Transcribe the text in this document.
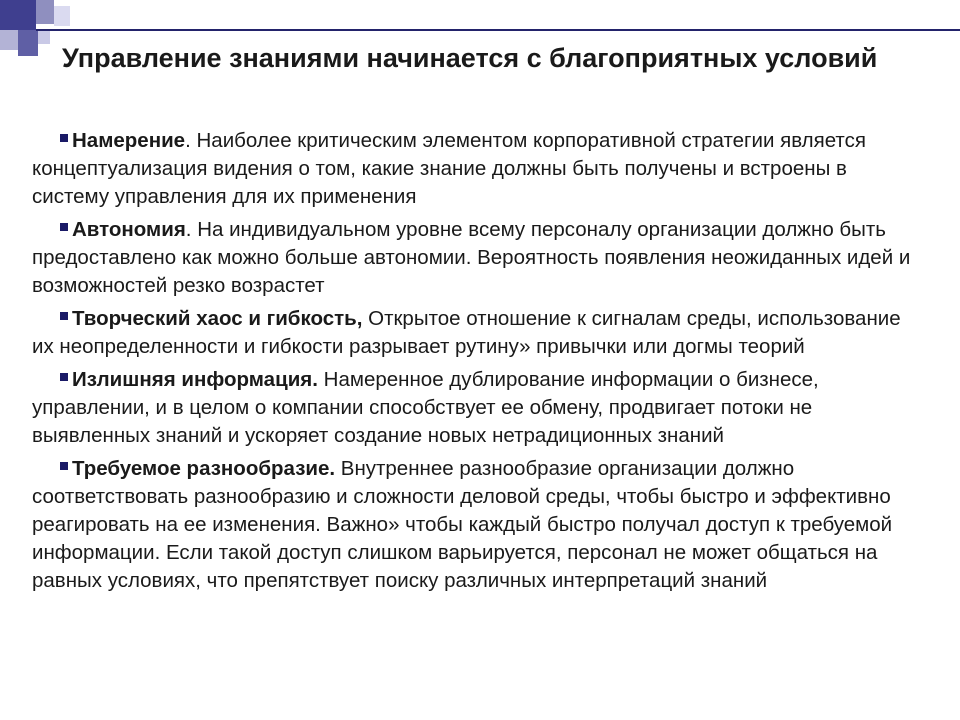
Управление знаниями начинается с благоприятных условий

Намерение. Наиболее критическим элементом корпоративной стратегии является концептуализация видения о том, какие знание должны быть получены и встроены в систему управления для их применения

Автономия. На индивидуальном уровне всему персоналу организации должно быть предоставлено как можно больше автономии. Вероятность появления неожиданных идей и возможностей резко возрастет

Творческий хаос и гибкость, Открытое отношение к сигналам среды, использование их неопределенности и гибкости разрывает рутину» привычки или догмы теорий

Излишняя информация. Намеренное дублирование информации о бизнесе, управлении, и в целом о компании способствует ее обмену, продвигает потоки не выявленных знаний и ускоряет создание новых нетрадиционных знаний

Требуемое разнообразие. Внутреннее разнообразие организации должно соответствовать разнообразию и сложности деловой среды, чтобы быстро и эффективно реагировать на ее изменения. Важно» чтобы каждый быстро получал доступ к требуемой информации. Если такой доступ слишком варьируется, персонал не может общаться на равных условиях, что препятствует поиску различных интерпретаций знаний
